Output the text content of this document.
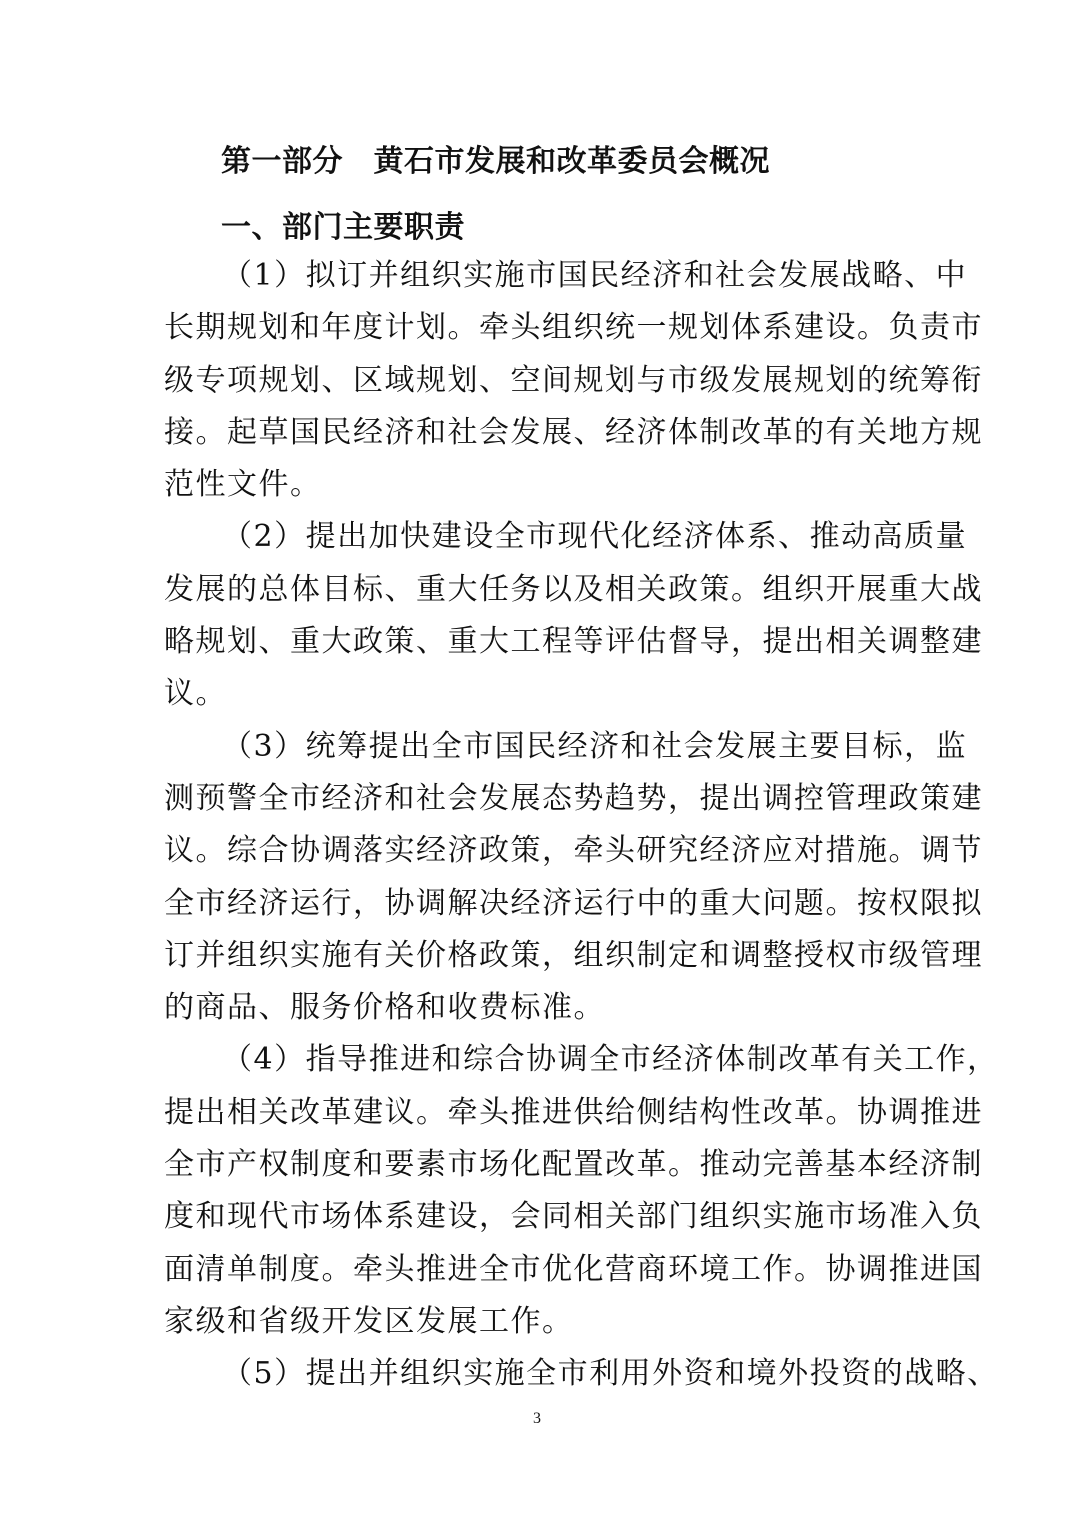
第一部分　黄石市发展和改革委员会概况
一、部门主要职责
（1）拟订并组织实施市国民经济和社会发展战略、中
长期规划和年度计划。牵头组织统一规划体系建设。负责市
级专项规划、区域规划、空间规划与市级发展规划的统筹衔
接。起草国民经济和社会发展、经济体制改革的有关地方规
范性文件。
（2）提出加快建设全市现代化经济体系、推动高质量
发展的总体目标、重大任务以及相关政策。组织开展重大战
略规划、重大政策、重大工程等评估督导，提出相关调整建
议。
（3）统筹提出全市国民经济和社会发展主要目标，监
测预警全市经济和社会发展态势趋势，提出调控管理政策建
议。综合协调落实经济政策，牵头研究经济应对措施。调节
全市经济运行，协调解决经济运行中的重大问题。按权限拟
订并组织实施有关价格政策，组织制定和调整授权市级管理
的商品、服务价格和收费标准。
（4）指导推进和综合协调全市经济体制改革有关工作，
提出相关改革建议。牵头推进供给侧结构性改革。协调推进
全市产权制度和要素市场化配置改革。推动完善基本经济制
度和现代市场体系建设，会同相关部门组织实施市场准入负
面清单制度。牵头推进全市优化营商环境工作。协调推进国
家级和省级开发区发展工作。
（5）提出并组织实施全市利用外资和境外投资的战略、
3
